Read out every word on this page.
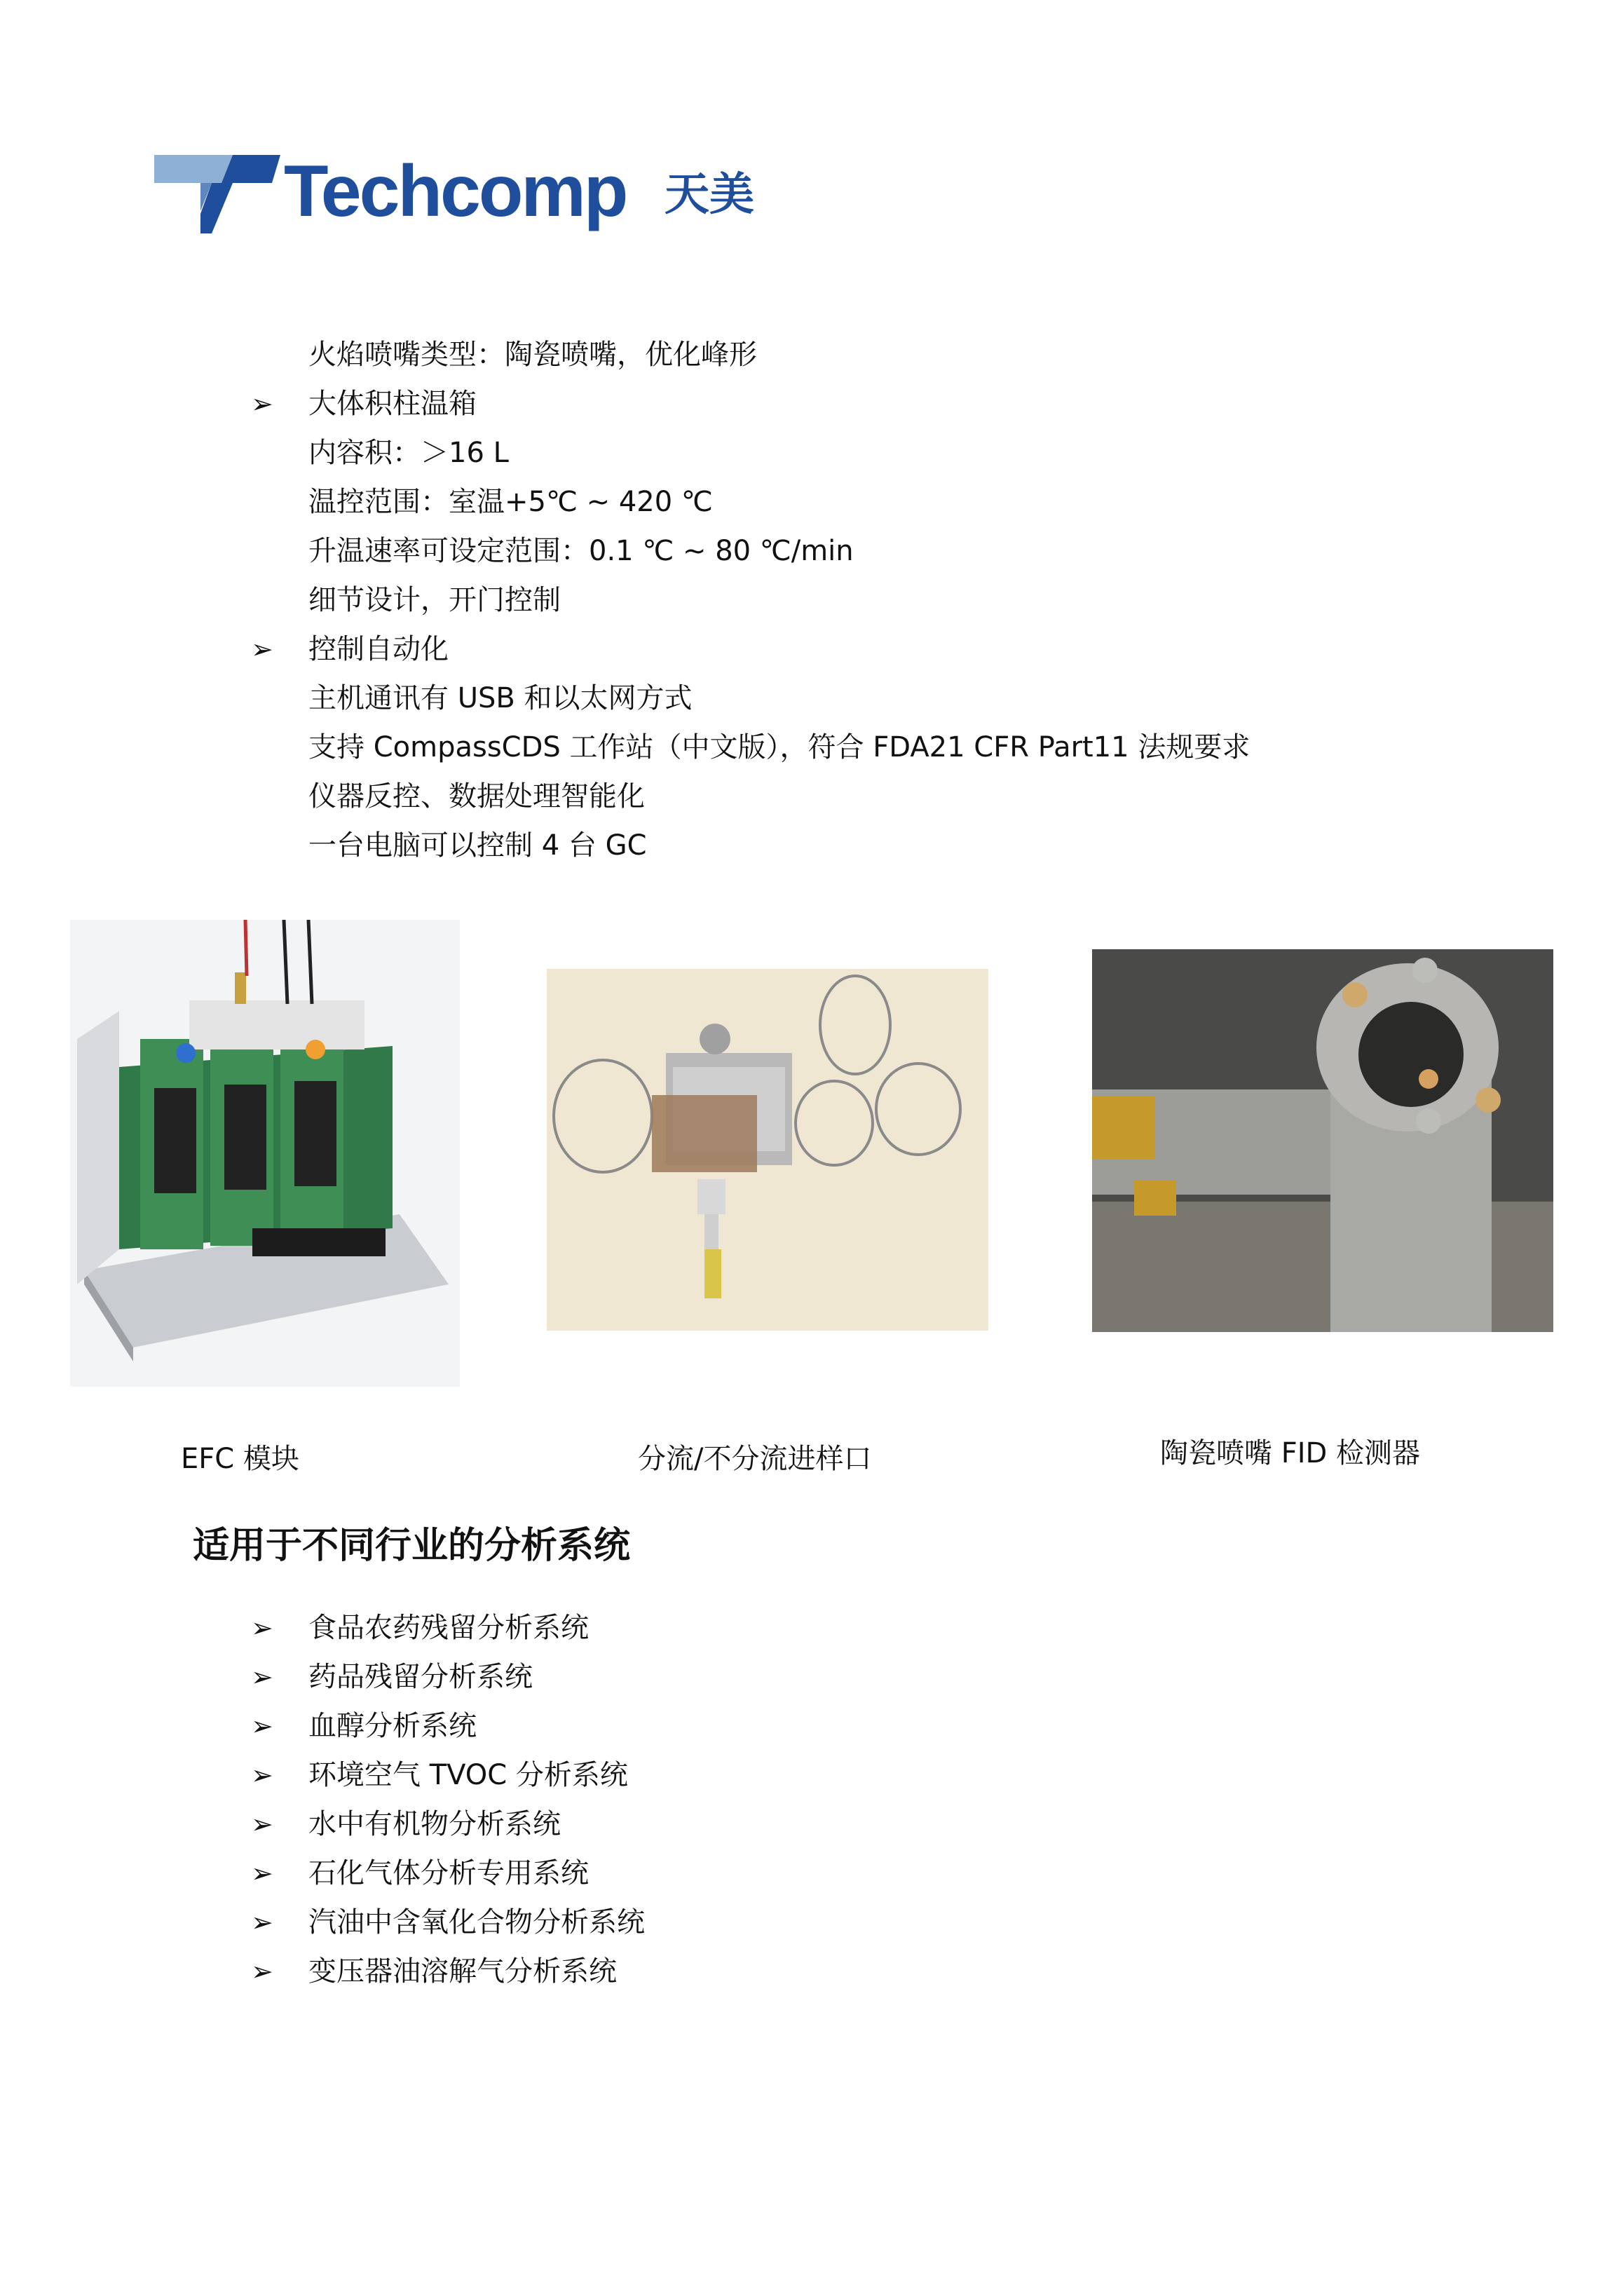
Techcomp 天美
火焰喷嘴类型：陶瓷喷嘴，优化峰形
➢ 大体积柱温箱
内容积：＞16 L
温控范围：室温+5℃ ~ 420 ℃
升温速率可设定范围：0.1 ℃ ~ 80 ℃/min
细节设计，开门控制
➢ 控制自动化
主机通讯有 USB 和以太网方式
支持 CompassCDS 工作站（中文版），符合 FDA21 CFR Part11 法规要求
仪器反控、数据处理智能化
一台电脑可以控制 4 台 GC
EFC 模块	分流/不分流进样口	陶瓷喷嘴 FID 检测器
适用于不同行业的分析系统
➢ 食品农药残留分析系统
➢ 药品残留分析系统
➢ 血醇分析系统
➢ 环境空气 TVOC 分析系统
➢ 水中有机物分析系统
➢ 石化气体分析专用系统
➢ 汽油中含氧化合物分析系统
➢ 变压器油溶解气分析系统
